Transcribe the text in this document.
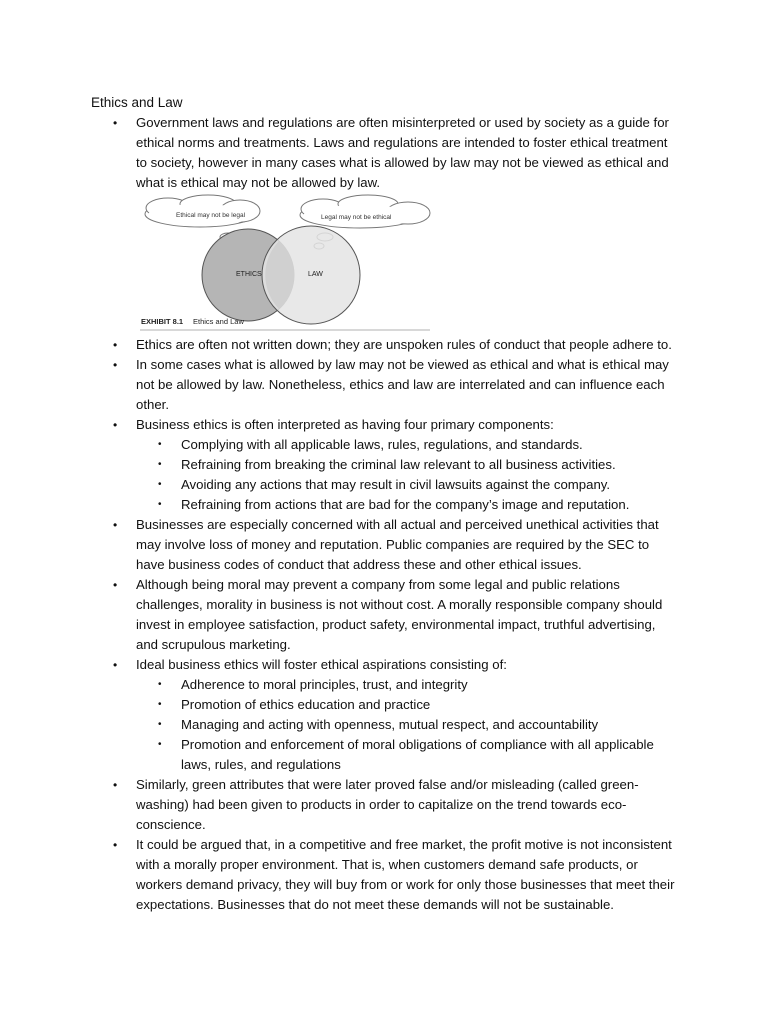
Ethics and Law
• Government laws and regulations are often misinterpreted or used by society as a guide for ethical norms and treatments. Laws and regulations are intended to foster ethical treatment to society, however in many cases what is allowed by law may not be viewed as ethical and what is ethical may not be allowed by law.
Ethical may not be legal	Legal may not be ethical
ETHICS	LAW
EXHIBIT 8.1 Ethics and Law
• Ethics are often not written down; they are unspoken rules of conduct that people adhere to.
• In some cases what is allowed by law may not be viewed as ethical and what is ethical may not be allowed by law. Nonetheless, ethics and law are interrelated and can influence each other.
• Business ethics is often interpreted as having four primary components:
• Complying with all applicable laws, rules, regulations, and standards.
• Refraining from breaking the criminal law relevant to all business activities.
• Avoiding any actions that may result in civil lawsuits against the company.
• Refraining from actions that are bad for the company’s image and reputation.
• Businesses are especially concerned with all actual and perceived unethical activities that may involve loss of money and reputation. Public companies are required by the SEC to have business codes of conduct that address these and other ethical issues.
• Although being moral may prevent a company from some legal and public relations challenges, morality in business is not without cost. A morally responsible company should invest in employee satisfaction, product safety, environmental impact, truthful advertising, and scrupulous marketing.
• Ideal business ethics will foster ethical aspirations consisting of:
• Adherence to moral principles, trust, and integrity
• Promotion of ethics education and practice
• Managing and acting with openness, mutual respect, and accountability
• Promotion and enforcement of moral obligations of compliance with all applicable laws, rules, and regulations
• Similarly, green attributes that were later proved false and/or misleading (called green-washing) had been given to products in order to capitalize on the trend towards eco-conscience.
• It could be argued that, in a competitive and free market, the profit motive is not inconsistent with a morally proper environment. That is, when customers demand safe products, or workers demand privacy, they will buy from or work for only those businesses that meet their expectations. Businesses that do not meet these demands will not be sustainable.
